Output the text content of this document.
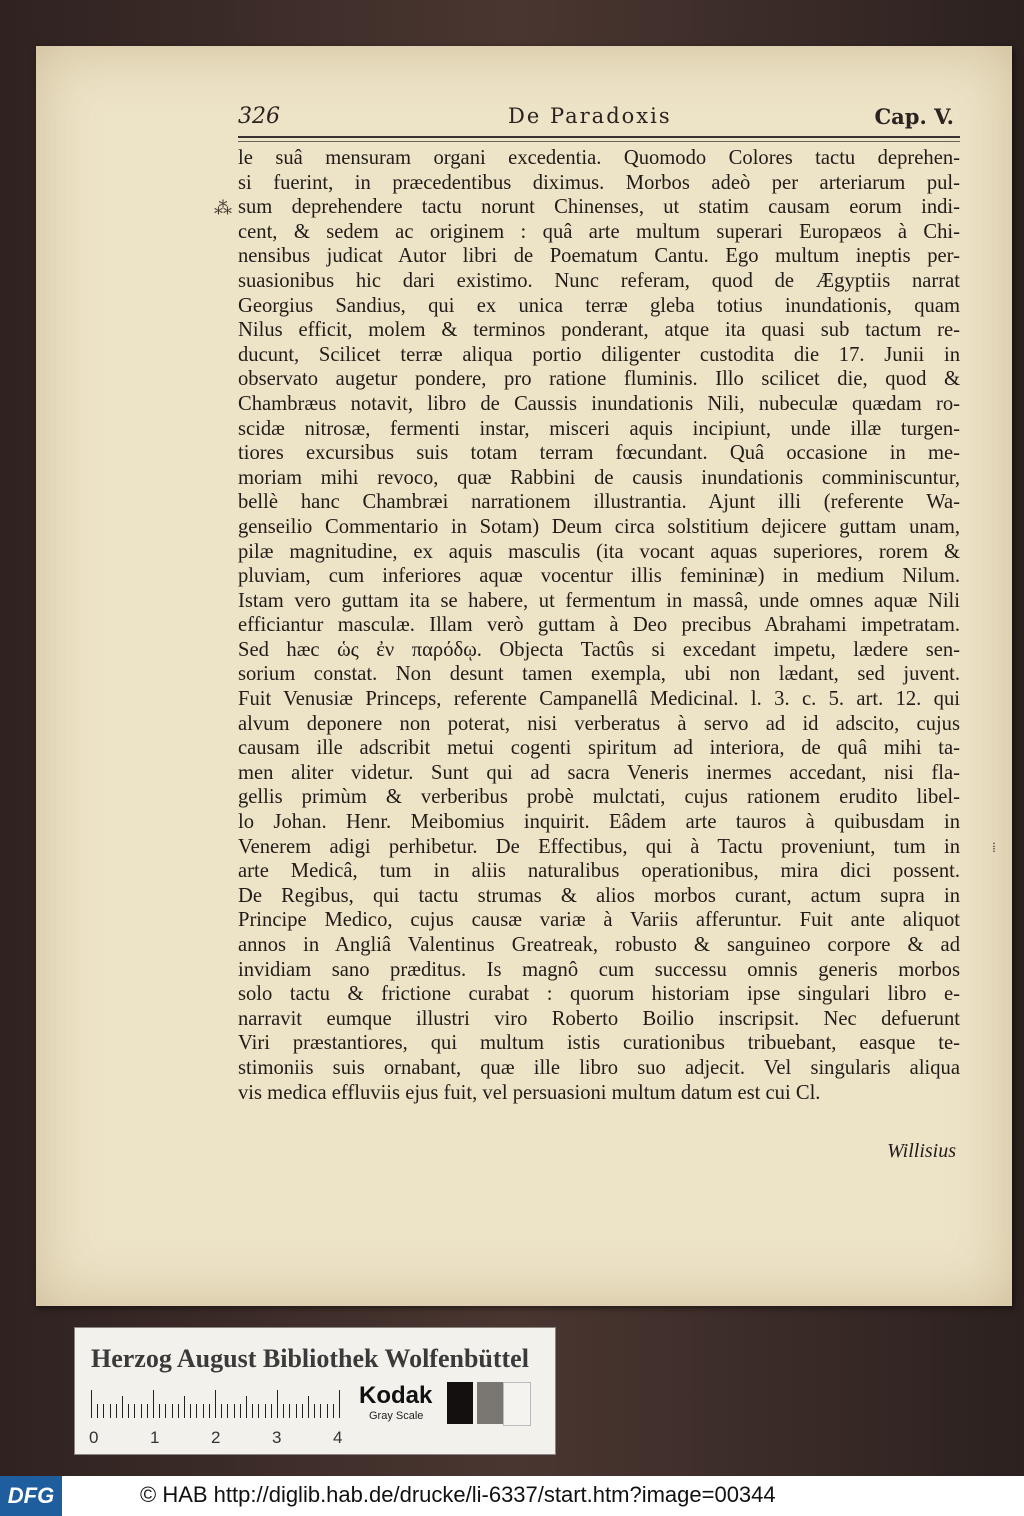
326	De Paradoxis	Cap. V.
le suâ mensuram organi excedentia. Quomodo Colores tactu deprehen-
si fuerint, in præcedentibus diximus. Morbos adeò per arteriarum pul-
sum deprehendere tactu norunt Chinenses, ut statim causam eorum indi-
cent, & sedem ac originem : quâ arte multum superari Europæos à Chi-
nensibus judicat Autor libri de Poematum Cantu. Ego multum ineptis per-
suasionibus hic dari existimo. Nunc referam, quod de Ægyptiis narrat
Georgius Sandius, qui ex unica terræ gleba totius inundationis, quam
Nilus efficit, molem & terminos ponderant, atque ita quasi sub tactum re-
ducunt, Scilicet terræ aliqua portio diligenter custodita die 17. Junii in
observato augetur pondere, pro ratione fluminis. Illo scilicet die, quod &
Chambræus notavit, libro de Caussis inundationis Nili, nubeculæ quædam ro-
scidæ nitrosæ, fermenti instar, misceri aquis incipiunt, unde illæ turgen-
tiores excursibus suis totam terram fœcundant. Quâ occasione in me-
moriam mihi revoco, quæ Rabbini de causis inundationis comminiscuntur,
bellè hanc Chambræi narrationem illustrantia. Ajunt illi (referente Wa-
genseilio Commentario in Sotam) Deum circa solstitium dejicere guttam unam,
pilæ magnitudine, ex aquis masculis (ita vocant aquas superiores, rorem &
pluviam, cum inferiores aquæ vocentur illis femininæ) in medium Nilum.
Istam vero guttam ita se habere, ut fermentum in massâ, unde omnes aquæ Nili
efficiantur masculæ. Illam verò guttam à Deo precibus Abrahami impetratam.
Sed hæc ὡς ἐν παρόδῳ. Objecta Tactûs si excedant impetu, lædere sen-
sorium constat. Non desunt tamen exempla, ubi non lædant, sed juvent.
Fuit Venusiæ Princeps, referente Campanellâ Medicinal. l. 3. c. 5. art. 12. qui
alvum deponere non poterat, nisi verberatus à servo ad id adscito, cujus
causam ille adscribit metui cogenti spiritum ad interiora, de quâ mihi ta-
men aliter videtur. Sunt qui ad sacra Veneris inermes accedant, nisi fla-
gellis primùm & verberibus probè mulctati, cujus rationem erudito libel-
lo Johan. Henr. Meibomius inquirit. Eâdem arte tauros à quibusdam in
Venerem adigi perhibetur. De Effectibus, qui à Tactu proveniunt, tum in
arte Medicâ, tum in aliis naturalibus operationibus, mira dici possent.
De Regibus, qui tactu strumas & alios morbos curant, actum supra in
Principe Medico, cujus causæ variæ à Variis afferuntur. Fuit ante aliquot
annos in Angliâ Valentinus Greatreak, robusto & sanguineo corpore & ad
invidiam sano præditus. Is magnô cum successu omnis generis morbos
solo tactu & frictione curabat : quorum historiam ipse singulari libro e-
narravit eumque illustri viro Roberto Boilio inscripsit. Nec defuerunt
Viri præstantiores, qui multum istis curationibus tribuebant, easque te-
stimoniis suis ornabant, quæ ille libro suo adjecit. Vel singularis aliqua
vis medica effluviis ejus fuit, vel persuasioni multum datum est cui Cl.
⁂
⁞
Willisius
Herzog August Bibliothek Wolfenbüttel
0	1	2	3	4
Kodak
Gray Scale
DFG	© HAB http://diglib.hab.de/drucke/li-6337/start.htm?image=00344
